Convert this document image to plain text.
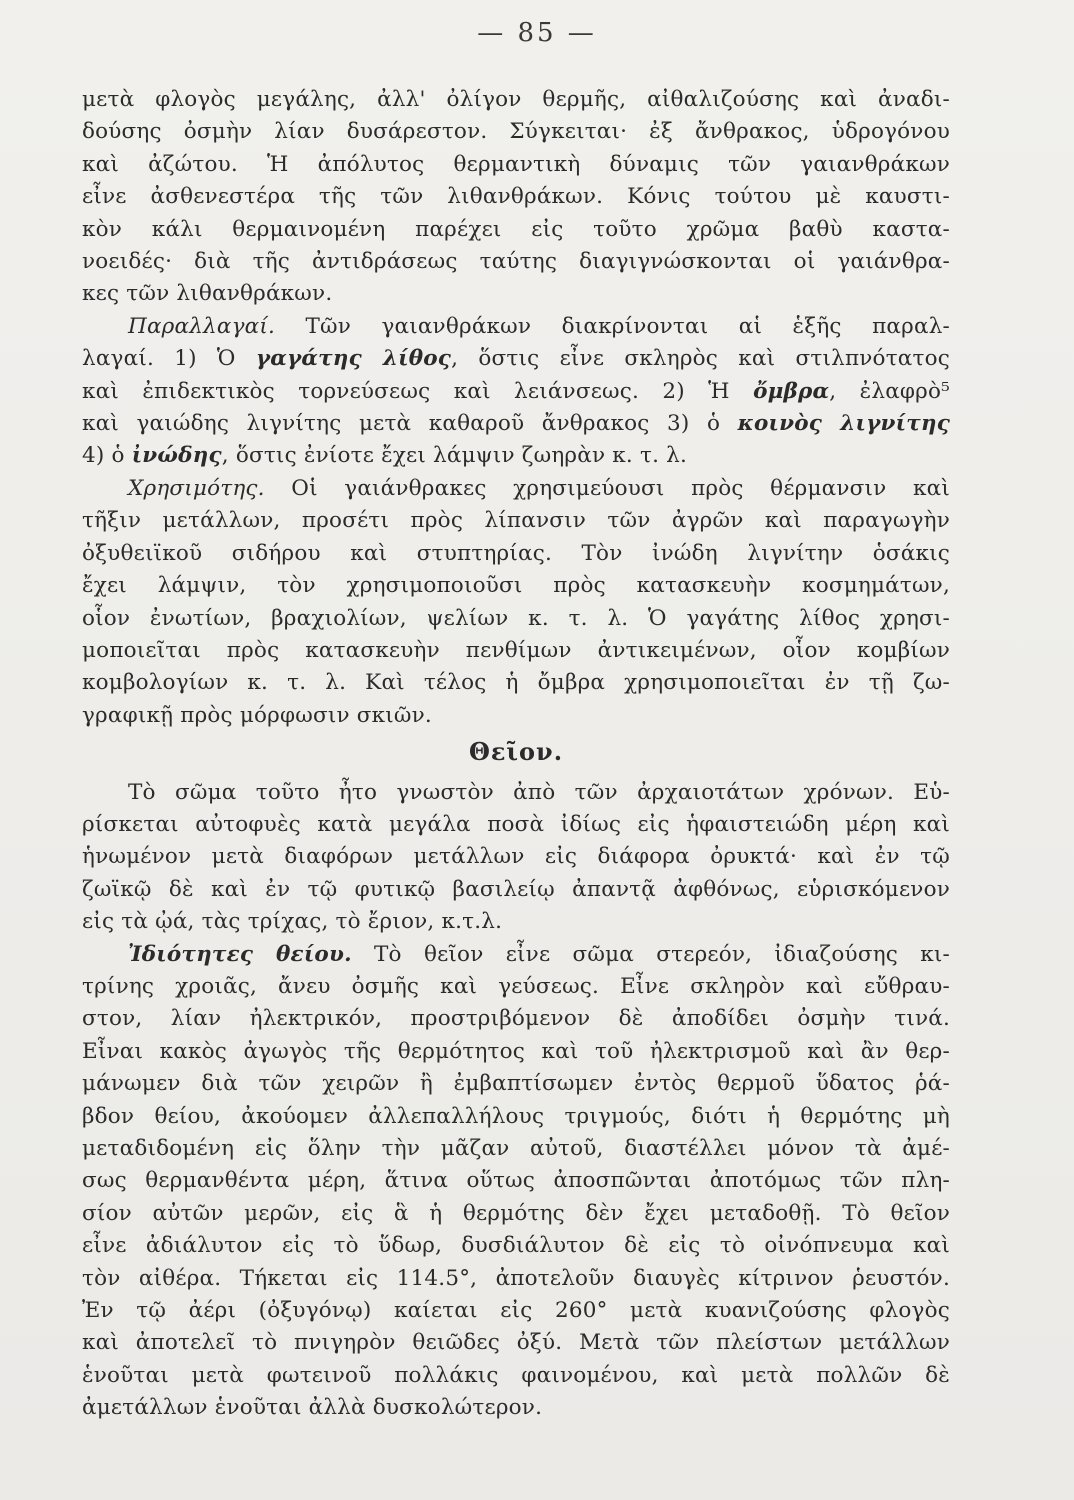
— 85 —
μετὰ φλογὸς μεγάλης, ἀλλ' ὀλίγον θερμῆς, αἰθαλιζούσης καὶ ἀναδι-
δούσης ὀσμὴν λίαν δυσάρεστον. Σύγκειται· ἐξ ἄνθρακος, ὑδρογόνου
καὶ ἀζώτου. Ἡ ἀπόλυτος θερμαντικὴ δύναμις τῶν γαιανθράκων
εἶνε ἀσθενεστέρα τῆς τῶν λιθανθράκων. Κόνις τούτου μὲ καυστι-
κὸν κάλι θερμαινομένη παρέχει εἰς τοῦτο χρῶμα βαθὺ καστα-
νοειδές· διὰ τῆς ἀντιδράσεως ταύτης διαγιγνώσκονται οἱ γαιάνθρα-
κες τῶν λιθανθράκων.
Παραλλαγαί. Τῶν γαιανθράκων διακρίνονται αἱ ἑξῆς παραλ-
λαγαί. 1) Ὁ γαγάτης λίθος, ὅστις εἶνε σκληρὸς καὶ στιλπνότατος
καὶ ἐπιδεκτικὸς τορνεύσεως καὶ λειάνσεως. 2) Ἡ ὄμβρα, ἐλαφρὸ⁵
καὶ γαιώδης λιγνίτης μετὰ καθαροῦ ἄνθρακος 3) ὁ κοινὸς λιγνίτης
4) ὁ ἰνώδης, ὅστις ἐνίοτε ἔχει λάμψιν ζωηρὰν κ. τ. λ.
Χρησιμότης. Οἱ γαιάνθρακες χρησιμεύουσι πρὸς θέρμανσιν καὶ
τῆξιν μετάλλων, προσέτι πρὸς λίπανσιν τῶν ἀγρῶν καὶ παραγωγὴν
ὀξυθειϊκοῦ σιδήρου καὶ στυπτηρίας. Τὸν ἰνώδη λιγνίτην ὁσάκις
ἔχει λάμψιν, τὸν χρησιμοποιοῦσι πρὸς κατασκευὴν κοσμημάτων,
οἷον ἐνωτίων, βραχιολίων, ψελίων κ. τ. λ. Ὁ γαγάτης λίθος χρησι-
μοποιεῖται πρὸς κατασκευὴν πενθίμων ἀντικειμένων, οἷον κομβίων
κομβολογίων κ. τ. λ. Καὶ τέλος ἡ ὄμβρα χρησιμοποιεῖται ἐν τῇ ζω-
γραφικῇ πρὸς μόρφωσιν σκιῶν.
Θεῖον.
Τὸ σῶμα τοῦτο ἦτο γνωστὸν ἀπὸ τῶν ἀρχαιοτάτων χρόνων. Εὑ-
ρίσκεται αὐτοφυὲς κατὰ μεγάλα ποσὰ ἰδίως εἰς ἡφαιστειώδη μέρη καὶ
ἡνωμένον μετὰ διαφόρων μετάλλων εἰς διάφορα ὀρυκτά· καὶ ἐν τῷ
ζωϊκῷ δὲ καὶ ἐν τῷ φυτικῷ βασιλείῳ ἀπαντᾷ ἀφθόνως, εὑρισκόμενον
εἰς τὰ ᾠά, τὰς τρίχας, τὸ ἔριον, κ.τ.λ.
Ἰδιότητες θείου. Τὸ θεῖον εἶνε σῶμα στερεόν, ἰδιαζούσης κι-
τρίνης χροιᾶς, ἄνευ ὀσμῆς καὶ γεύσεως. Εἶνε σκληρὸν καὶ εὔθραυ-
στον, λίαν ἠλεκτρικόν, προστριβόμενον δὲ ἀποδίδει ὀσμὴν τινά.
Εἶναι κακὸς ἀγωγὸς τῆς θερμότητος καὶ τοῦ ἠλεκτρισμοῦ καὶ ἂν θερ-
μάνωμεν διὰ τῶν χειρῶν ἢ ἐμβαπτίσωμεν ἐντὸς θερμοῦ ὕδατος ῥά-
βδον θείου, ἀκούομεν ἀλλεπαλλήλους τριγμούς, διότι ἡ θερμότης μὴ
μεταδιδομένη εἰς ὅλην τὴν μᾶζαν αὐτοῦ, διαστέλλει μόνον τὰ ἀμέ-
σως θερμανθέντα μέρη, ἅτινα οὕτως ἀποσπῶνται ἀποτόμως τῶν πλη-
σίον αὐτῶν μερῶν, εἰς ἃ ἡ θερμότης δὲν ἔχει μεταδοθῇ. Τὸ θεῖον
εἶνε ἀδιάλυτον εἰς τὸ ὕδωρ, δυσδιάλυτον δὲ εἰς τὸ οἰνόπνευμα καὶ
τὸν αἰθέρα. Τήκεται εἰς 114.5°, ἀποτελοῦν διαυγὲς κίτρινον ῥευστόν.
Ἐν τῷ ἀέρι (ὀξυγόνῳ) καίεται εἰς 260° μετὰ κυανιζούσης φλογὸς
καὶ ἀποτελεῖ τὸ πνιγηρὸν θειῶδες ὀξύ. Μετὰ τῶν πλείστων μετάλλων
ἑνοῦται μετὰ φωτεινοῦ πολλάκις φαινομένου, καὶ μετὰ πολλῶν δὲ
ἀμετάλλων ἑνοῦται ἀλλὰ δυσκολώτερον.
